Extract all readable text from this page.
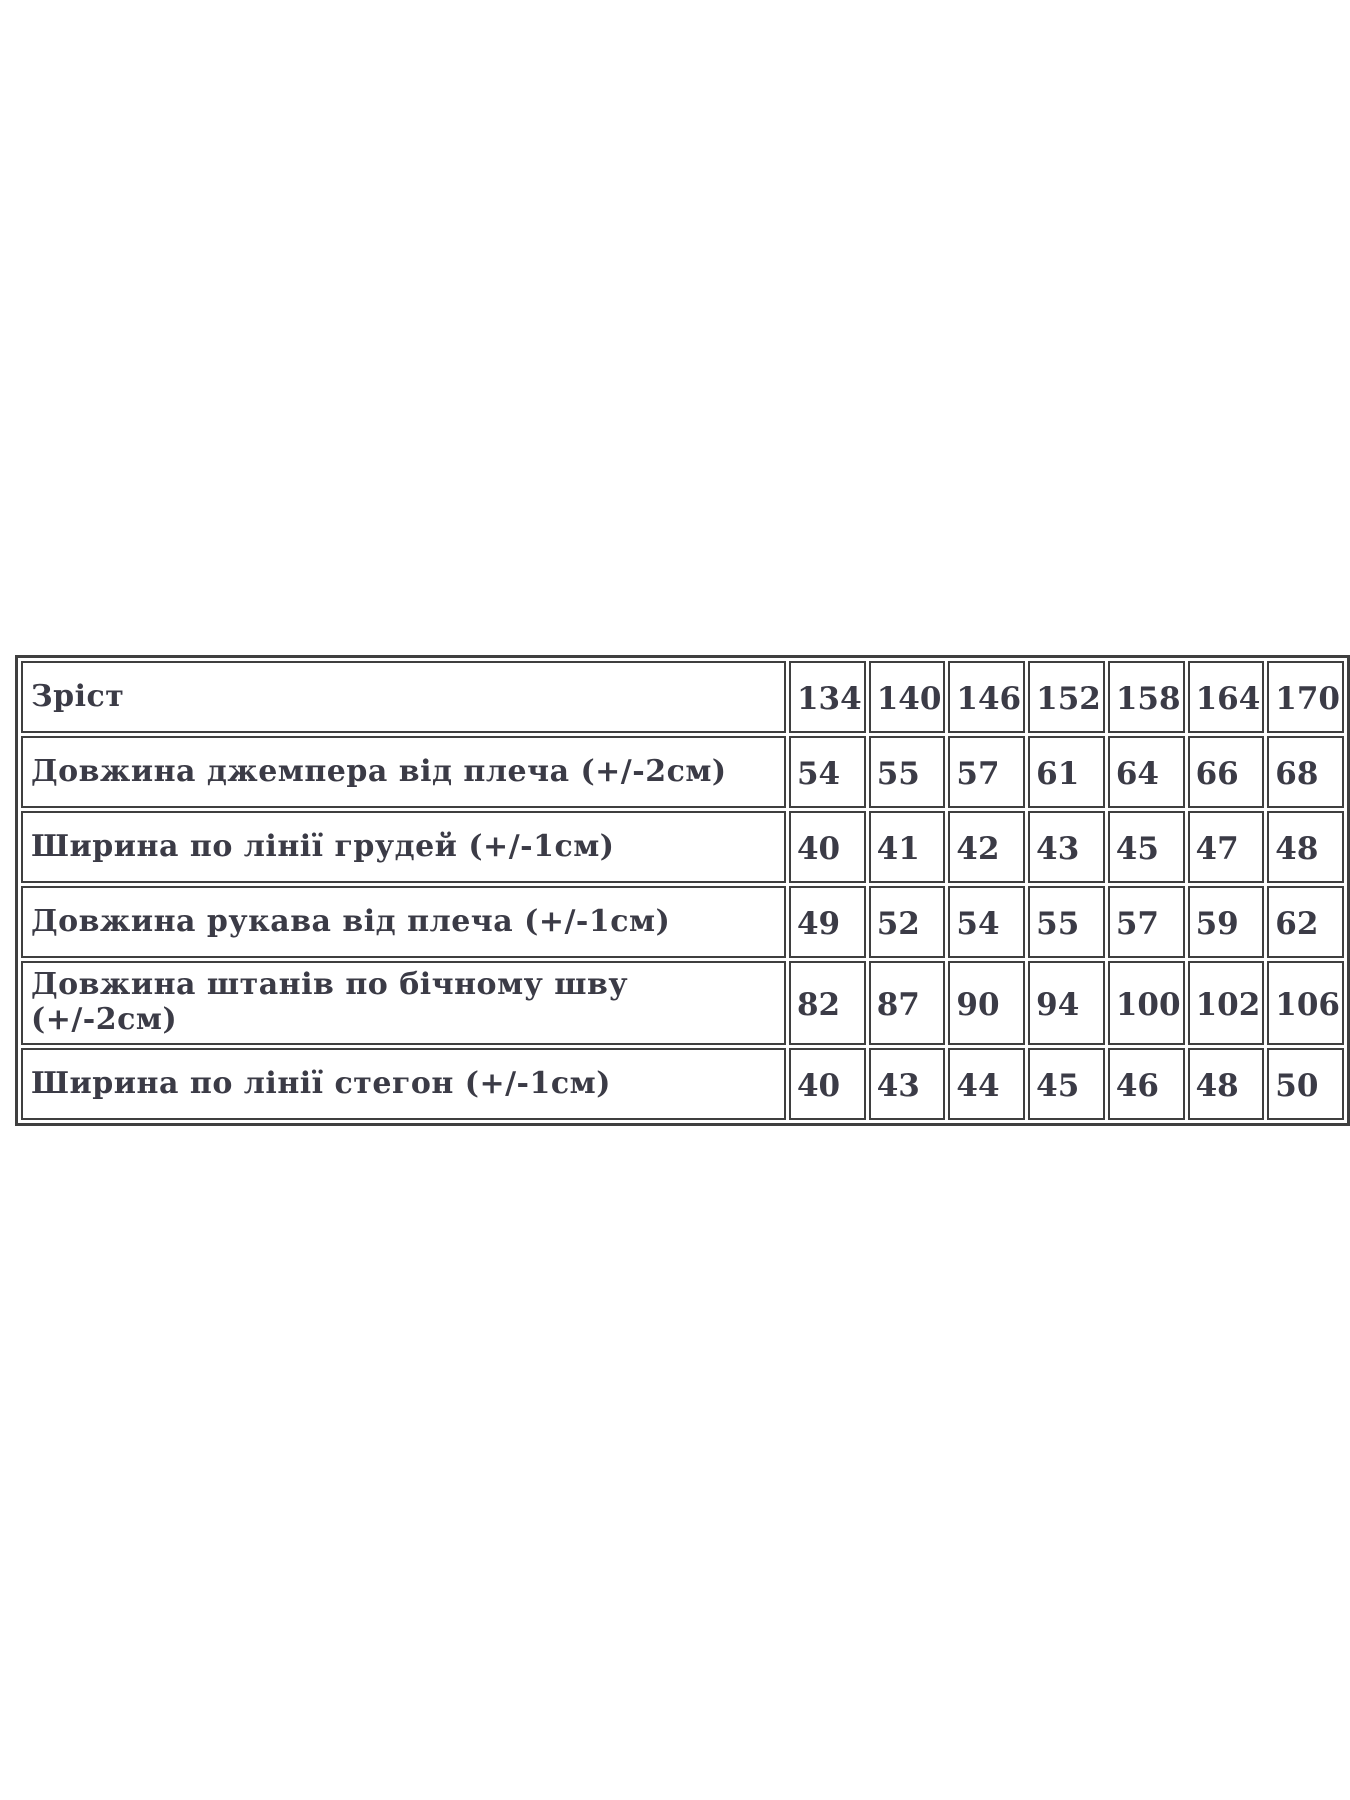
Зріст	134	140	146	152	158	164	170
Довжина джемпера від плеча (+/-2см)	54	55	57	61	64	66	68
Ширина по лінії грудей (+/-1см)	40	41	42	43	45	47	48
Довжина рукава від плеча (+/-1см)	49	52	54	55	57	59	62
Довжина штанів по бічному шву (+/-2см)	82	87	90	94	100	102	106
Ширина по лінії стегон (+/-1см)	40	43	44	45	46	48	50
